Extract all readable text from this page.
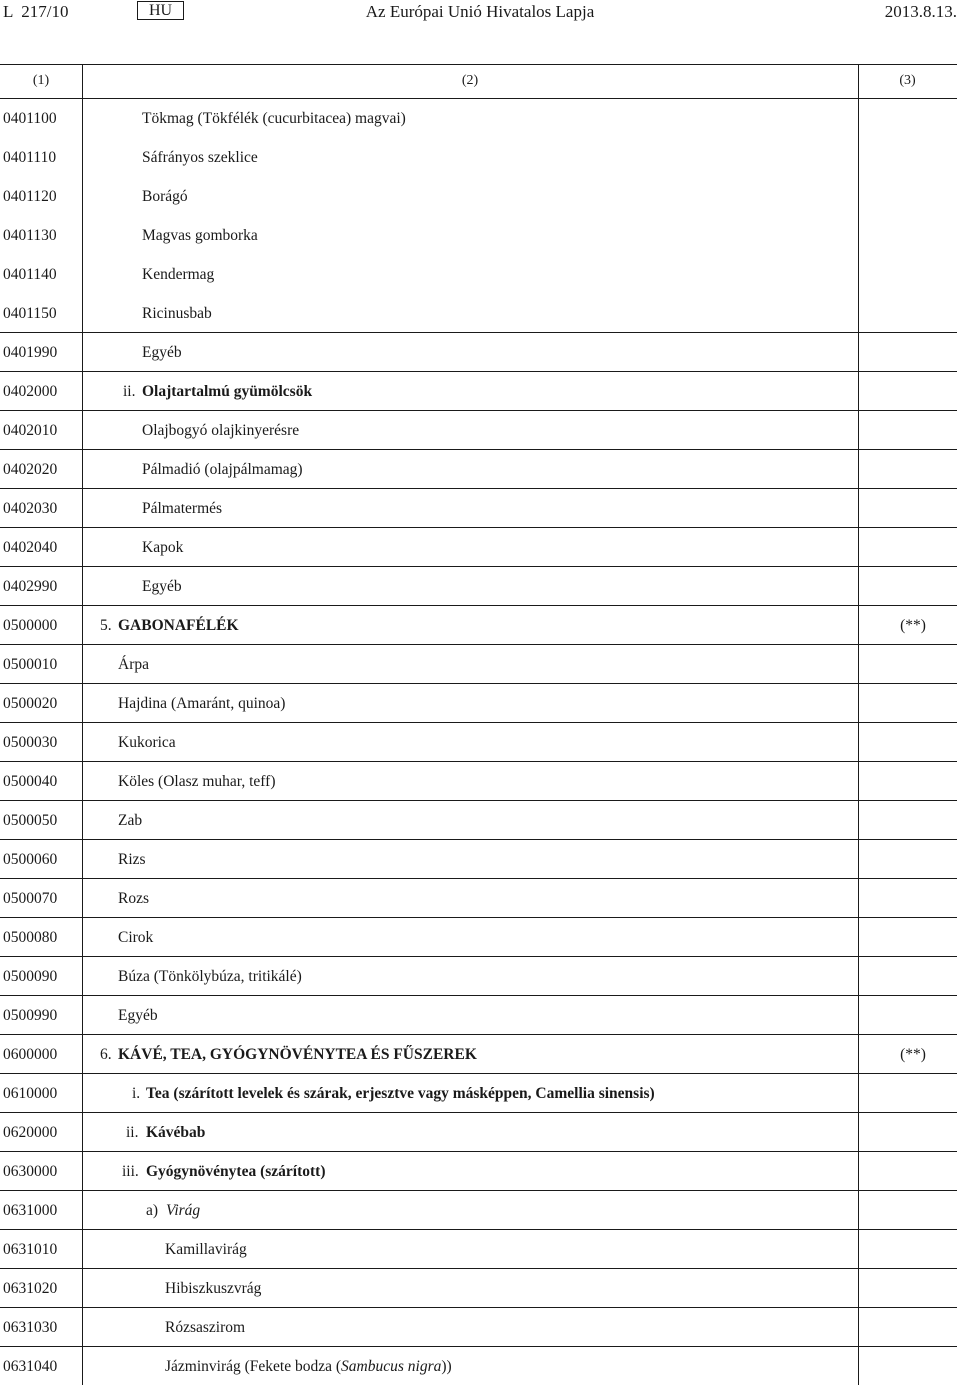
L  217/10	HU	Az Európai Unió Hivatalos Lapja	2013.8.13.
(1)	(2)	(3)
0401100	Tökmag (Tökfélék (cucurbitacea) magvai)
0401110	Sáfrányos szeklice
0401120	Borágó
0401130	Magvas gomborka
0401140	Kendermag
0401150	Ricinusbab
0401990	Egyéb
0402000	ii. Olajtartalmú gyümölcsök
0402010	Olajbogyó olajkinyerésre
0402020	Pálmadió (olajpálmamag)
0402030	Pálmatermés
0402040	Kapok
0402990	Egyéb
0500000	5. GABONAFÉLÉK	(**)
0500010	Árpa
0500020	Hajdina (Amaránt, quinoa)
0500030	Kukorica
0500040	Köles (Olasz muhar, teff)
0500050	Zab
0500060	Rizs
0500070	Rozs
0500080	Cirok
0500090	Búza (Tönkölybúza, tritikálé)
0500990	Egyéb
0600000	6. KÁVÉ, TEA, GYÓGYNÖVÉNYTEA ÉS FŰSZEREK	(**)
0610000	i. Tea (szárított levelek és szárak, erjesztve vagy másképpen, Camellia sinensis)
0620000	ii. Kávébab
0630000	iii. Gyógynövénytea (szárított)
0631000	a) Virág
0631010	Kamillavirág
0631020	Hibiszkuszvrág
0631030	Rózsaszirom
0631040	Jázminvirág (Fekete bodza (Sambucus nigra))
